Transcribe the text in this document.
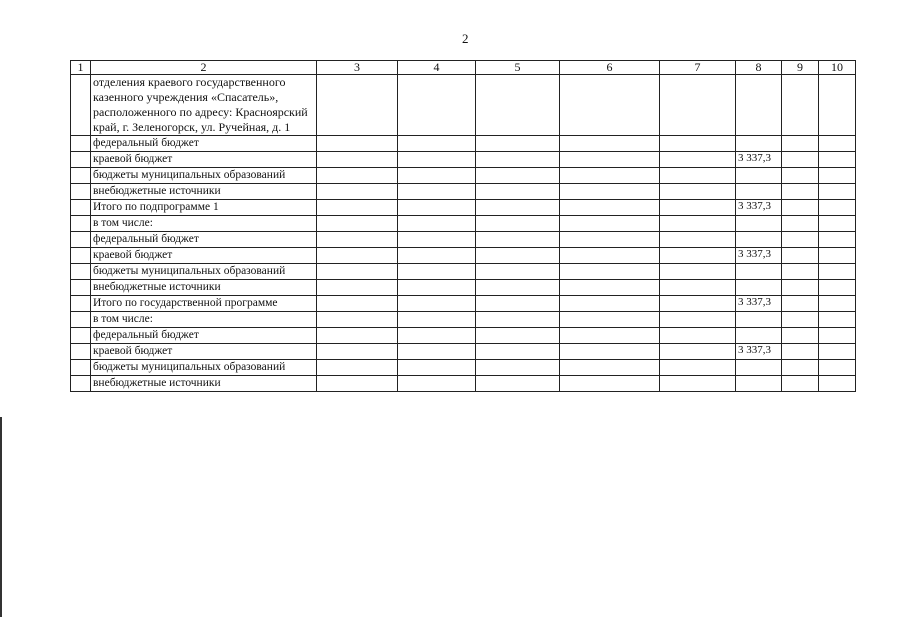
2
1	2	3	4	5	6	7	8	9	10
	отделения краевого государственного казенного учреждения «Спасатель», расположенного по адресу: Красноярский край, г. Зеленогорск, ул. Ручейная, д. 1								
	федеральный бюджет								
	краевой бюджет						3 337,3		
	бюджеты муниципальных образований								
	внебюджетные источники								
	Итого по подпрограмме 1						3 337,3		
	в том числе:								
	федеральный бюджет								
	краевой бюджет						3 337,3		
	бюджеты муниципальных образований								
	внебюджетные источники								
	Итого по государственной программе						3 337,3		
	в том числе:								
	федеральный бюджет								
	краевой бюджет						3 337,3		
	бюджеты муниципальных образований								
	внебюджетные источники								
